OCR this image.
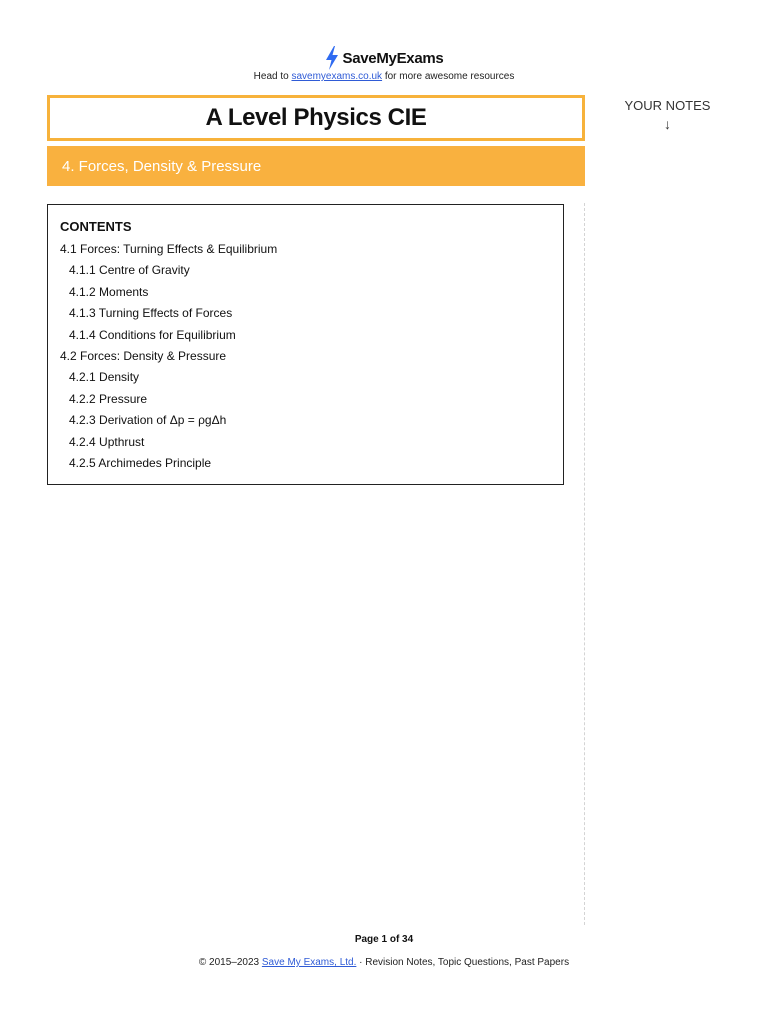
SaveMyExams
Head to savemyexams.co.uk for more awesome resources
A Level Physics CIE
4. Forces, Density & Pressure
YOUR NOTES
↓
CONTENTS
4.1 Forces: Turning Effects & Equilibrium
4.1.1 Centre of Gravity
4.1.2 Moments
4.1.3 Turning Effects of Forces
4.1.4 Conditions for Equilibrium
4.2 Forces: Density & Pressure
4.2.1 Density
4.2.2 Pressure
4.2.3 Derivation of Δp = ρgΔh
4.2.4 Upthrust
4.2.5 Archimedes Principle
Page 1 of 34
© 2015–2023 Save My Exams, Ltd. · Revision Notes, Topic Questions, Past Papers
